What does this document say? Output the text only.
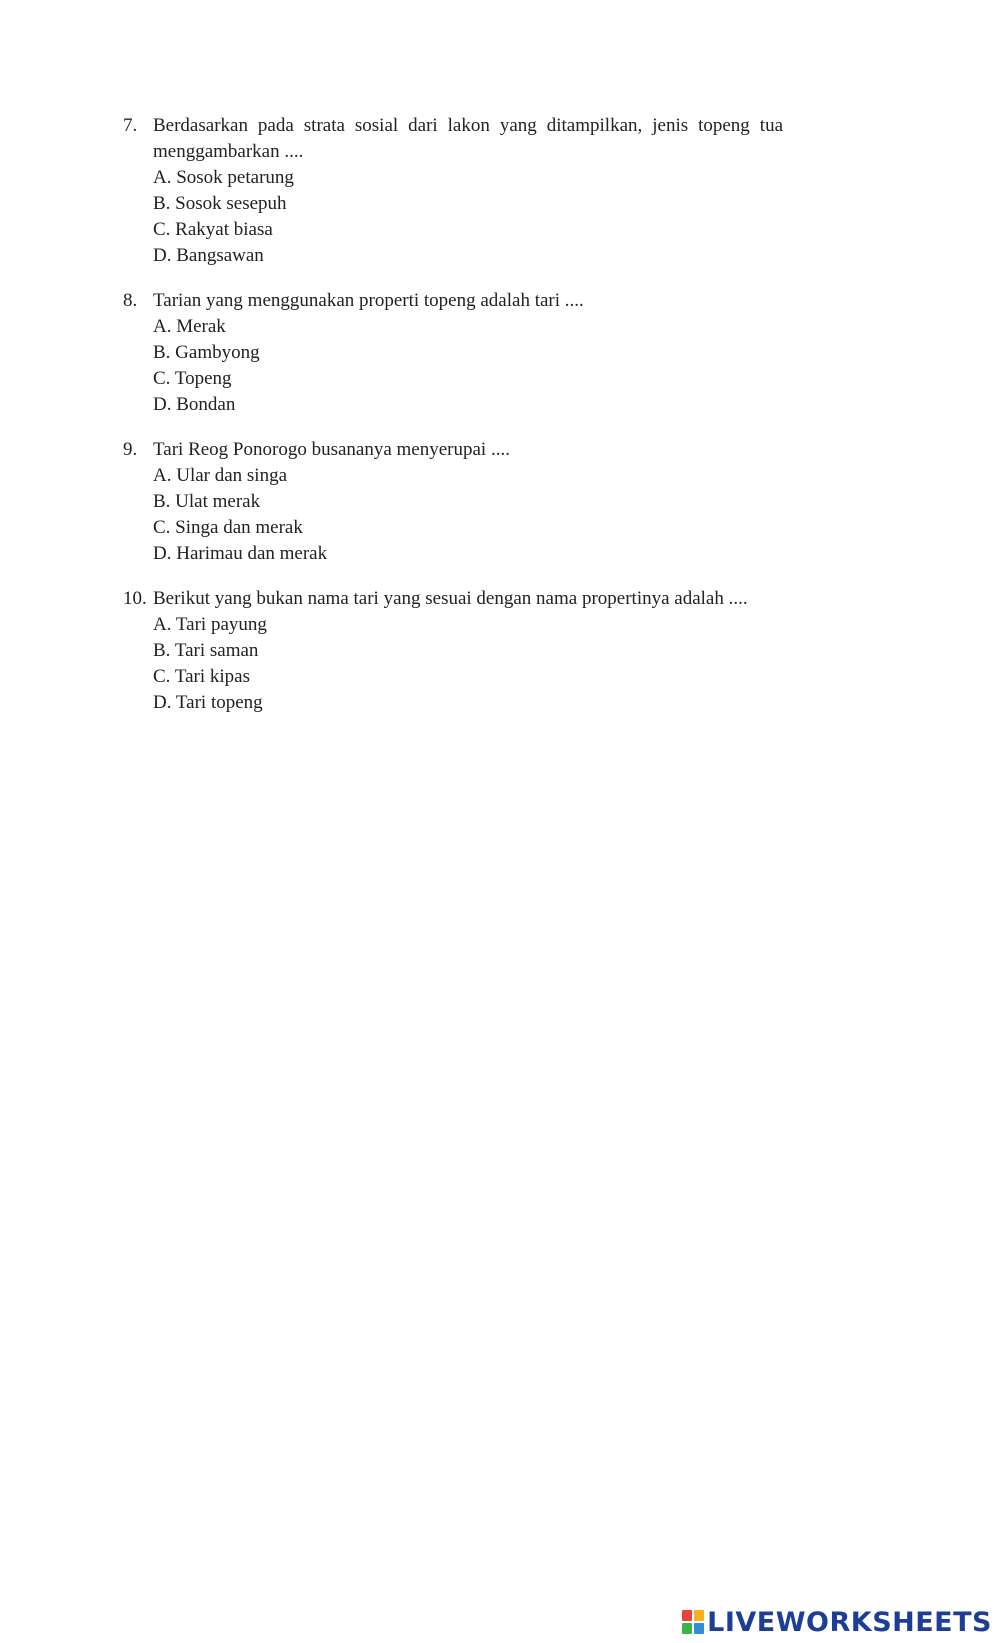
7. Berdasarkan pada strata sosial dari lakon yang ditampilkan, jenis topeng tua menggambarkan ....
A. Sosok petarung
B. Sosok sesepuh
C. Rakyat biasa
D. Bangsawan
8. Tarian yang menggunakan properti topeng adalah tari ....
A. Merak
B. Gambyong
C. Topeng
D. Bondan
9. Tari Reog Ponorogo busananya menyerupai ....
A. Ular dan singa
B. Ulat merak
C. Singa dan merak
D. Harimau dan merak
10. Berikut yang bukan nama tari yang sesuai dengan nama propertinya adalah ....
A. Tari payung
B. Tari saman
C. Tari kipas
D. Tari topeng
LIVEWORKSHEETS
